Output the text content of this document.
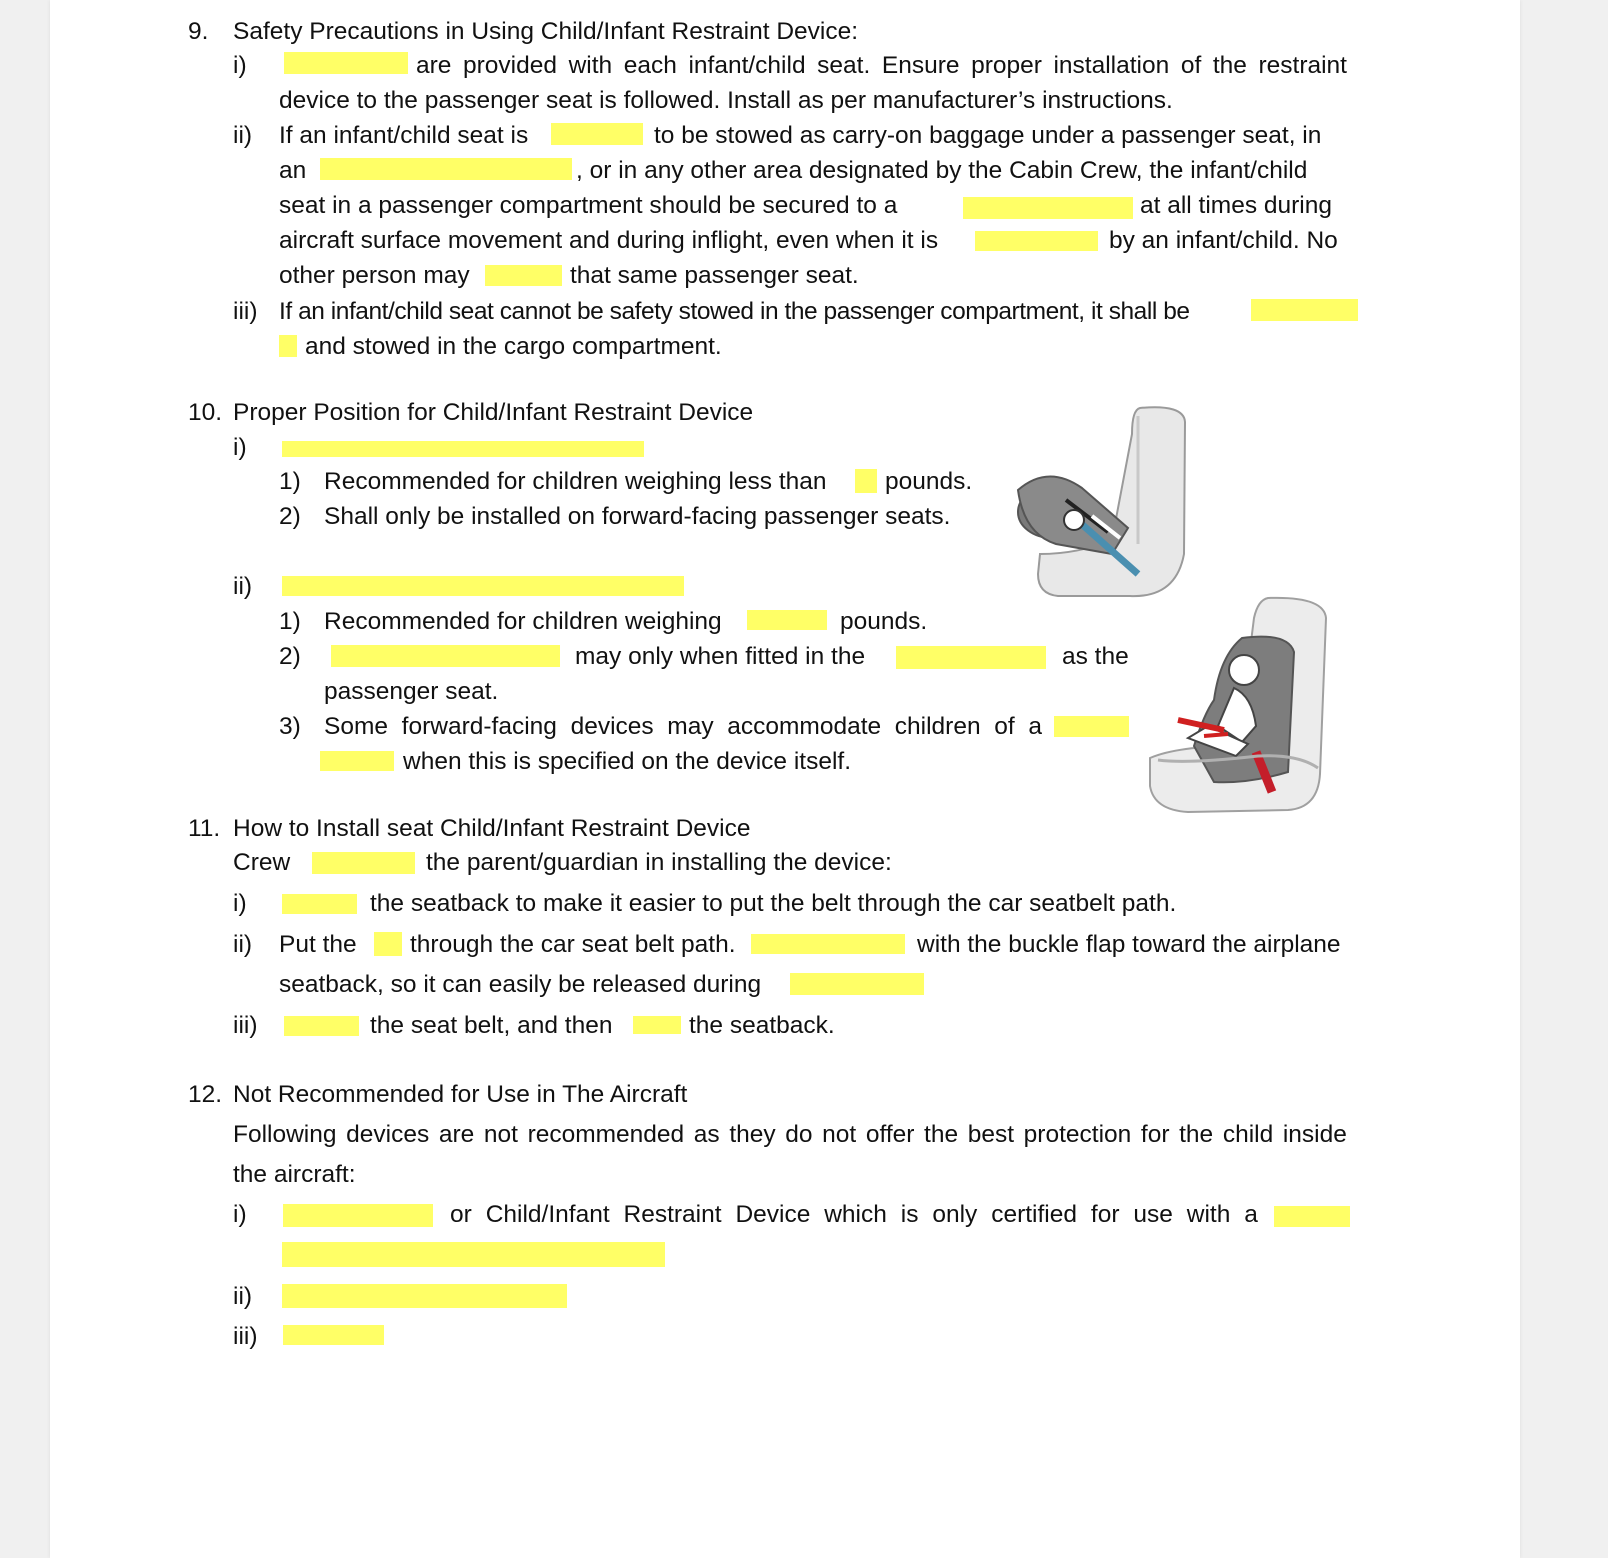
9. Safety Precautions in Using Child/Infant Restraint Device:
i)	are provided with each infant/child seat. Ensure proper installation of the restraint
device to the passenger seat is followed. Install as per manufacturer’s instructions.
ii) If an infant/child seat is	to be stowed as carry-on baggage under a passenger seat, in
an	, or in any other area designated by the Cabin Crew, the infant/child
seat in a passenger compartment should be secured to a	at all times during
aircraft surface movement and during inflight, even when it is	by an infant/child. No
other person may	that same passenger seat.
iii) If an infant/child seat cannot be safety stowed in the passenger compartment, it shall be
and stowed in the cargo compartment.
10. Proper Position for Child/Infant Restraint Device
i)
1) Recommended for children weighing less than pounds.
2) Shall only be installed on forward-facing passenger seats.
ii)
1) Recommended for children weighing	pounds.
2)	may only when fitted in the	as the
passenger seat.
3) Some forward-facing devices may accommodate children of a
when this is specified on the device itself.
11. How to Install seat Child/Infant Restraint Device
Crew	the parent/guardian in installing the device:
i)	the seatback to make it easier to put the belt through the car seatbelt path.
ii) Put the through the car seat belt path.	with the buckle flap toward the airplane
seatback, so it can easily be released during
iii)	the seat belt, and then	the seatback.
12. Not Recommended for Use in The Aircraft
Following devices are not recommended as they do not offer the best protection for the child inside
the aircraft:
i)	or Child/Infant Restraint Device which is only certified for use with a
ii)
iii)
